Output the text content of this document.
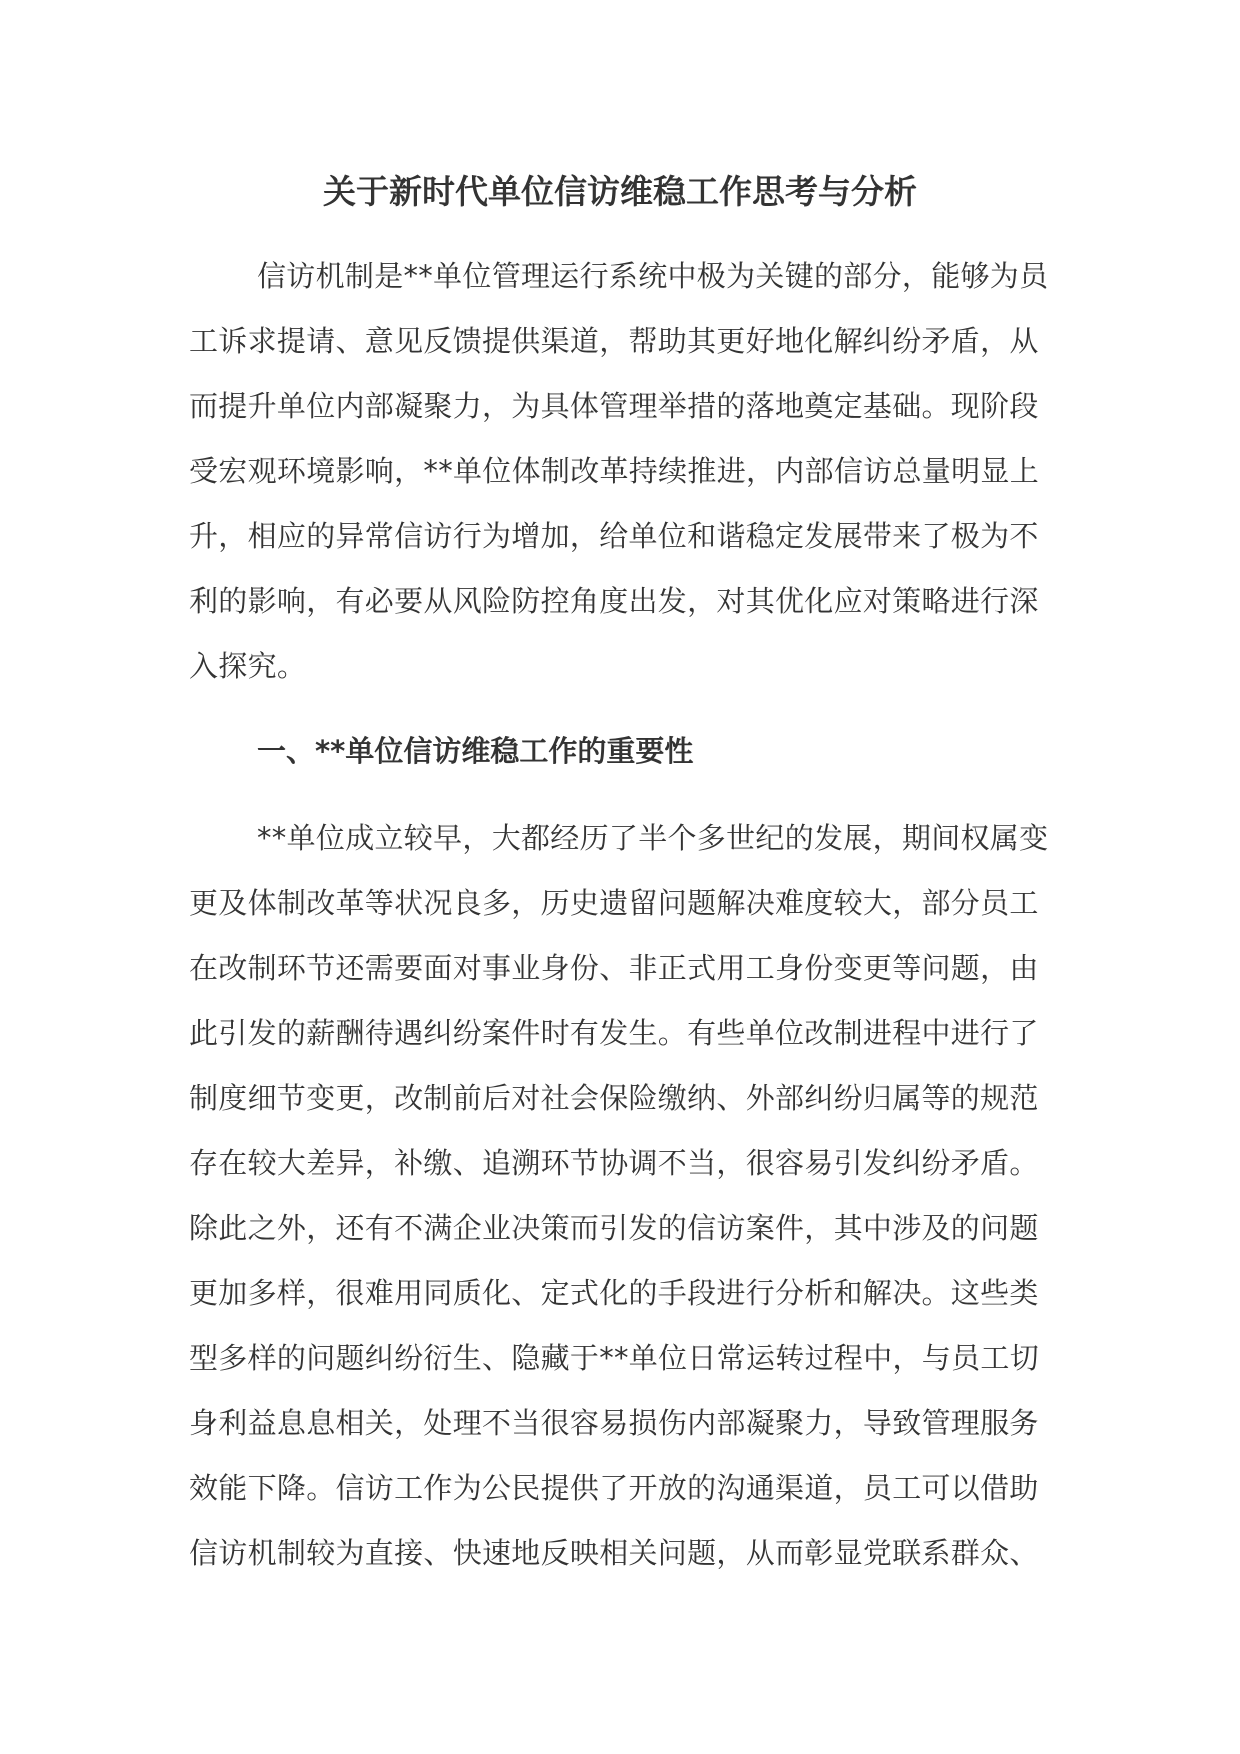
关于新时代单位信访维稳工作思考与分析
信访机制是**单位管理运行系统中极为关键的部分，能够为员
工诉求提请、意见反馈提供渠道，帮助其更好地化解纠纷矛盾，从
而提升单位内部凝聚力，为具体管理举措的落地奠定基础。现阶段
受宏观环境影响，**单位体制改革持续推进，内部信访总量明显上
升，相应的异常信访行为增加，给单位和谐稳定发展带来了极为不
利的影响，有必要从风险防控角度出发，对其优化应对策略进行深
入探究。
一、**单位信访维稳工作的重要性
**单位成立较早，大都经历了半个多世纪的发展，期间权属变
更及体制改革等状况良多，历史遗留问题解决难度较大，部分员工
在改制环节还需要面对事业身份、非正式用工身份变更等问题，由
此引发的薪酬待遇纠纷案件时有发生。有些单位改制进程中进行了
制度细节变更，改制前后对社会保险缴纳、外部纠纷归属等的规范
存在较大差异，补缴、追溯环节协调不当，很容易引发纠纷矛盾。
除此之外，还有不满企业决策而引发的信访案件，其中涉及的问题
更加多样，很难用同质化、定式化的手段进行分析和解决。这些类
型多样的问题纠纷衍生、隐藏于**单位日常运转过程中，与员工切
身利益息息相关，处理不当很容易损伤内部凝聚力，导致管理服务
效能下降。信访工作为公民提供了开放的沟通渠道，员工可以借助
信访机制较为直接、快速地反映相关问题，从而彰显党联系群众、
